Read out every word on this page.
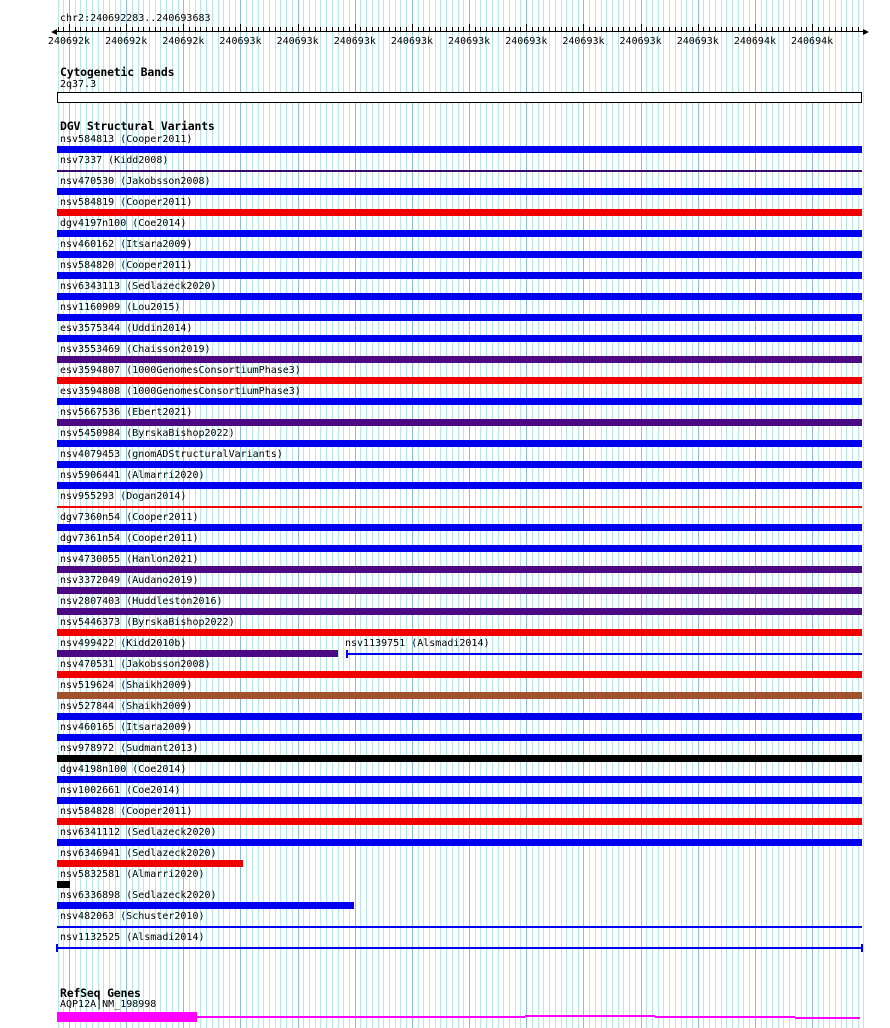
chr2:240692283..240693683
240692k 240692k 240692k 240693k 240693k 240693k 240693k 240693k 240693k 240693k 240693k 240693k 240694k 240694k
Cytogenetic Bands
2q37.3
DGV Structural Variants
nsv584813 (Cooper2011)
nsv7337 (Kidd2008)
nsv470530 (Jakobsson2008)
nsv584819 (Cooper2011)
dgv4197n100 (Coe2014)
nsv460162 (Itsara2009)
nsv584820 (Cooper2011)
nsv6343113 (Sedlazeck2020)
nsv1160909 (Lou2015)
esv3575344 (Uddin2014)
nsv3553469 (Chaisson2019)
esv3594807 (1000GenomesConsortiumPhase3)
esv3594808 (1000GenomesConsortiumPhase3)
nsv5667536 (Ebert2021)
nsv5450984 (ByrskaBishop2022)
nsv4079453 (gnomADStructuralVariants)
nsv5906441 (Almarri2020)
nsv955293 (Dogan2014)
dgv7360n54 (Cooper2011)
dgv7361n54 (Cooper2011)
nsv4730055 (Hanlon2021)
nsv3372049 (Audano2019)
nsv2807403 (Huddleston2016)
nsv5446373 (ByrskaBishop2022)
nsv499422 (Kidd2010b)	nsv1139751 (Alsmadi2014)
nsv470531 (Jakobsson2008)
nsv519624 (Shaikh2009)
nsv527844 (Shaikh2009)
nsv460165 (Itsara2009)
nsv978972 (Sudmant2013)
dgv4198n100 (Coe2014)
nsv1002661 (Coe2014)
nsv584828 (Cooper2011)
nsv6341112 (Sedlazeck2020)
nsv6346941 (Sedlazeck2020)
nsv5832581 (Almarri2020)
nsv6336898 (Sedlazeck2020)
nsv482063 (Schuster2010)
nsv1132525 (Alsmadi2014)
RefSeq Genes
AQP12A|NM_198998
